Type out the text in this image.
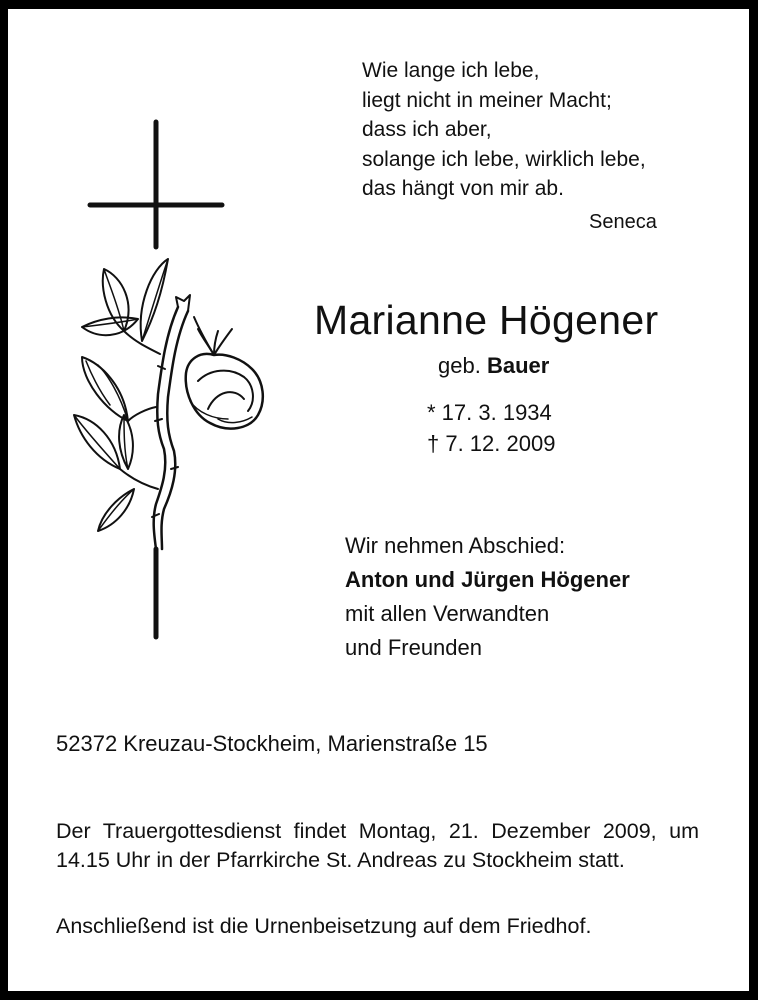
Wie lange ich lebe,
liegt nicht in meiner Macht;
dass ich aber,
solange ich lebe, wirklich lebe,
das hängt von mir ab.
Seneca
Marianne Högener
geb. Bauer
* 17. 3. 1934
† 7. 12. 2009
Wir nehmen Abschied:
Anton und Jürgen Högener
mit allen Verwandten
und Freunden
52372 Kreuzau-Stockheim, Marienstraße 15
Der Trauergottesdienst findet Montag, 21. Dezember 2009, um 14.15 Uhr in der Pfarrkirche St. Andreas zu Stockheim statt.
Anschließend ist die Urnenbeisetzung auf dem Friedhof.
